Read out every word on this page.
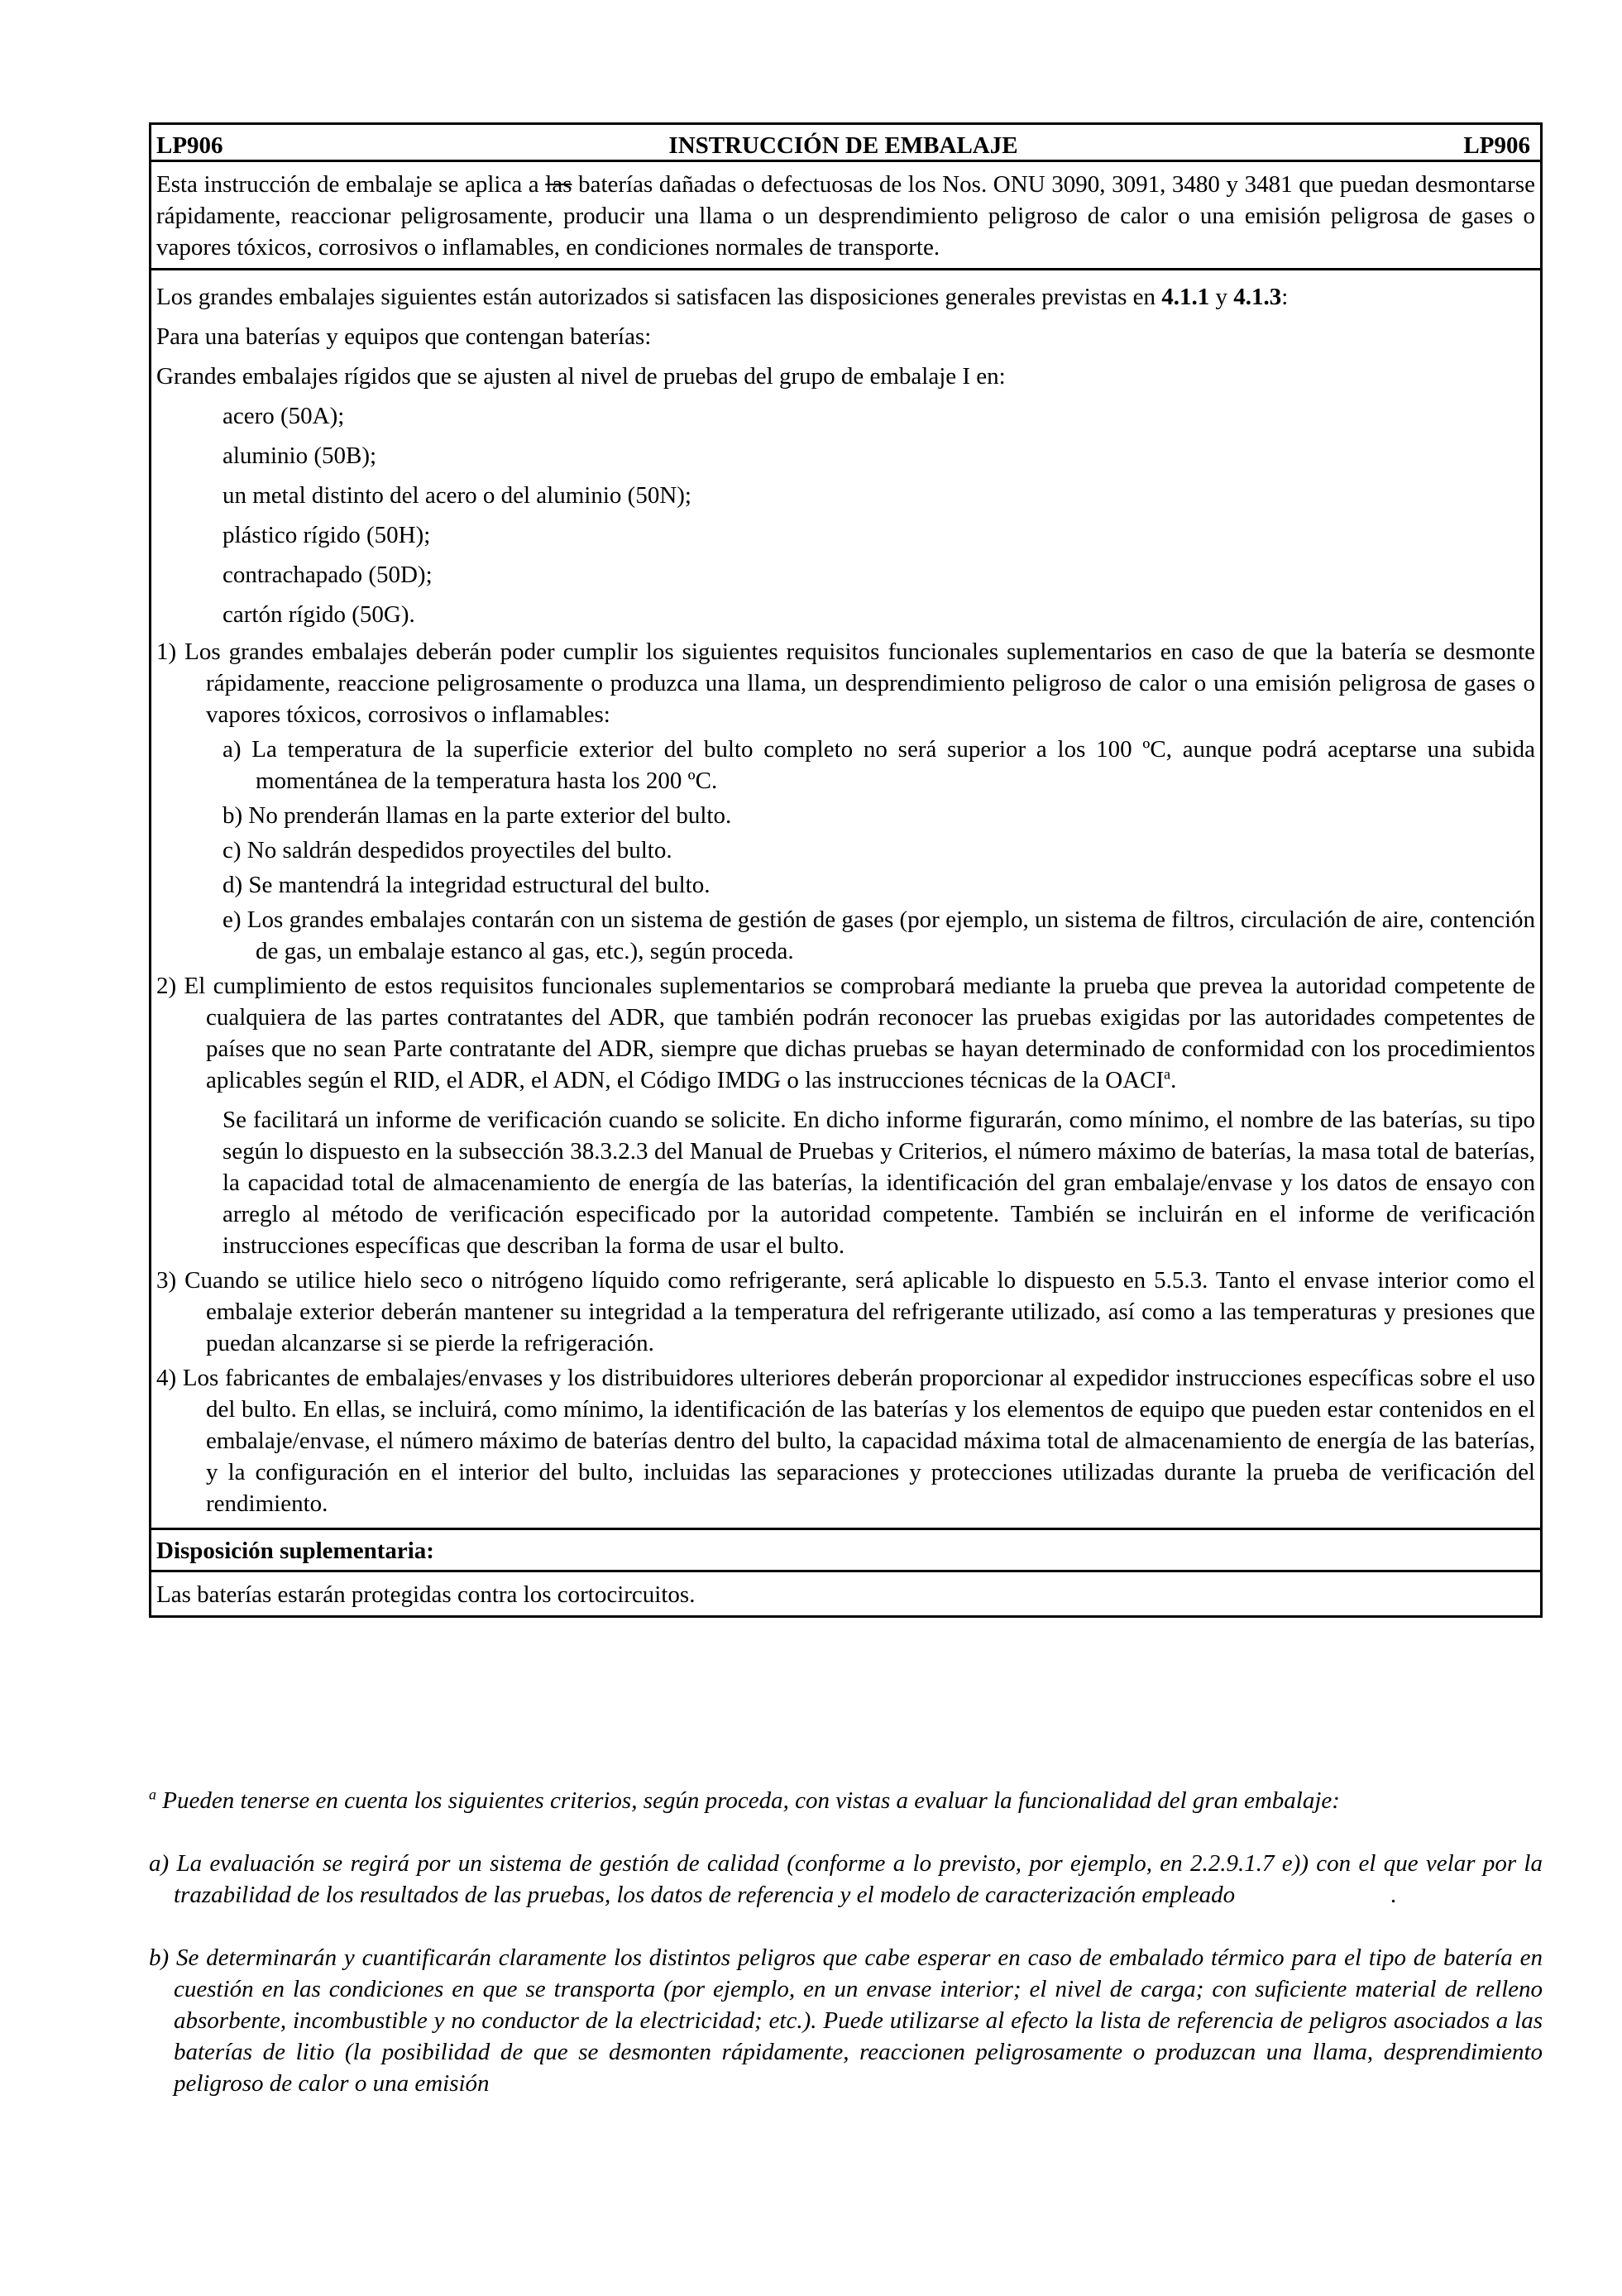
LP906	INSTRUCCIÓN DE EMBALAJE	LP906

Esta instrucción de embalaje se aplica a las baterías dañadas o defectuosas de los Nos. ONU 3090, 3091, 3480 y 3481 que puedan desmontarse rápidamente, reaccionar peligrosamente, producir una llama o un desprendimiento peligroso de calor o una emisión peligrosa de gases o vapores tóxicos, corrosivos o inflamables, en condiciones normales de transporte.

Los grandes embalajes siguientes están autorizados si satisfacen las disposiciones generales previstas en 4.1.1 y 4.1.3:

Para una baterías y equipos que contengan baterías:

Grandes embalajes rígidos que se ajusten al nivel de pruebas del grupo de embalaje I en:

acero (50A);

aluminio (50B);

un metal distinto del acero o del aluminio (50N);

plástico rígido (50H);

contrachapado (50D);

cartón rígido (50G).

1) Los grandes embalajes deberán poder cumplir los siguientes requisitos funcionales suplementarios en caso de que la batería se desmonte rápidamente, reaccione peligrosamente o produzca una llama, un desprendimiento peligroso de calor o una emisión peligrosa de gases o vapores tóxicos, corrosivos o inflamables:

a) La temperatura de la superficie exterior del bulto completo no será superior a los 100 ºC, aunque podrá aceptarse una subida momentánea de la temperatura hasta los 200 ºC.

b) No prenderán llamas en la parte exterior del bulto.

c) No saldrán despedidos proyectiles del bulto.

d) Se mantendrá la integridad estructural del bulto.

e) Los grandes embalajes contarán con un sistema de gestión de gases (por ejemplo, un sistema de filtros, circulación de aire, contención de gas, un embalaje estanco al gas, etc.), según proceda.

2) El cumplimiento de estos requisitos funcionales suplementarios se comprobará mediante la prueba que prevea la autoridad competente de cualquiera de las partes contratantes del ADR, que también podrán reconocer las pruebas exigidas por las autoridades competentes de países que no sean Parte contratante del ADR, siempre que dichas pruebas se hayan determinado de conformidad con los procedimientos aplicables según el RID, el ADR, el ADN, el Código IMDG o las instrucciones técnicas de la OACI$^a$.

Se facilitará un informe de verificación cuando se solicite. En dicho informe figurarán, como mínimo, el nombre de las baterías, su tipo según lo dispuesto en la subsección 38.3.2.3 del Manual de Pruebas y Criterios, el número máximo de baterías, la masa total de baterías, la capacidad total de almacenamiento de energía de las baterías, la identificación del gran embalaje/envase y los datos de ensayo con arreglo al método de verificación especificado por la autoridad competente. También se incluirán en el informe de verificación instrucciones específicas que describan la forma de usar el bulto.

3) Cuando se utilice hielo seco o nitrógeno líquido como refrigerante, será aplicable lo dispuesto en 5.5.3. Tanto el envase interior como el embalaje exterior deberán mantener su integridad a la temperatura del refrigerante utilizado, así como a las temperaturas y presiones que puedan alcanzarse si se pierde la refrigeración.

4) Los fabricantes de embalajes/envases y los distribuidores ulteriores deberán proporcionar al expedidor instrucciones específicas sobre el uso del bulto. En ellas, se incluirá, como mínimo, la identificación de las baterías y los elementos de equipo que pueden estar contenidos en el embalaje/envase, el número máximo de baterías dentro del bulto, la capacidad máxima total de almacenamiento de energía de las baterías, y la configuración en el interior del bulto, incluidas las separaciones y protecciones utilizadas durante la prueba de verificación del rendimiento.

Disposición suplementaria:

Las baterías estarán protegidas contra los cortocircuitos.

$^a$ Pueden tenerse en cuenta los siguientes criterios, según proceda, con vistas a evaluar la funcionalidad del gran embalaje:

a) La evaluación se regirá por un sistema de gestión de calidad (conforme a lo previsto, por ejemplo, en 2.2.9.1.7 e)) con el que velar por la trazabilidad de los resultados de las pruebas, los datos de referencia y el modelo de caracterización empleado                          .

b) Se determinarán y cuantificarán claramente los distintos peligros que cabe esperar en caso de embalado térmico para el tipo de batería en cuestión en las condiciones en que se transporta (por ejemplo, en un envase interior; el nivel de carga; con suficiente material de relleno absorbente, incombustible y no conductor de la electricidad; etc.). Puede utilizarse al efecto la lista de referencia de peligros asociados a las baterías de litio (la posibilidad de que se desmonten rápidamente, reaccionen peligrosamente o produzcan una llama, desprendimiento peligroso de calor o una emisión
